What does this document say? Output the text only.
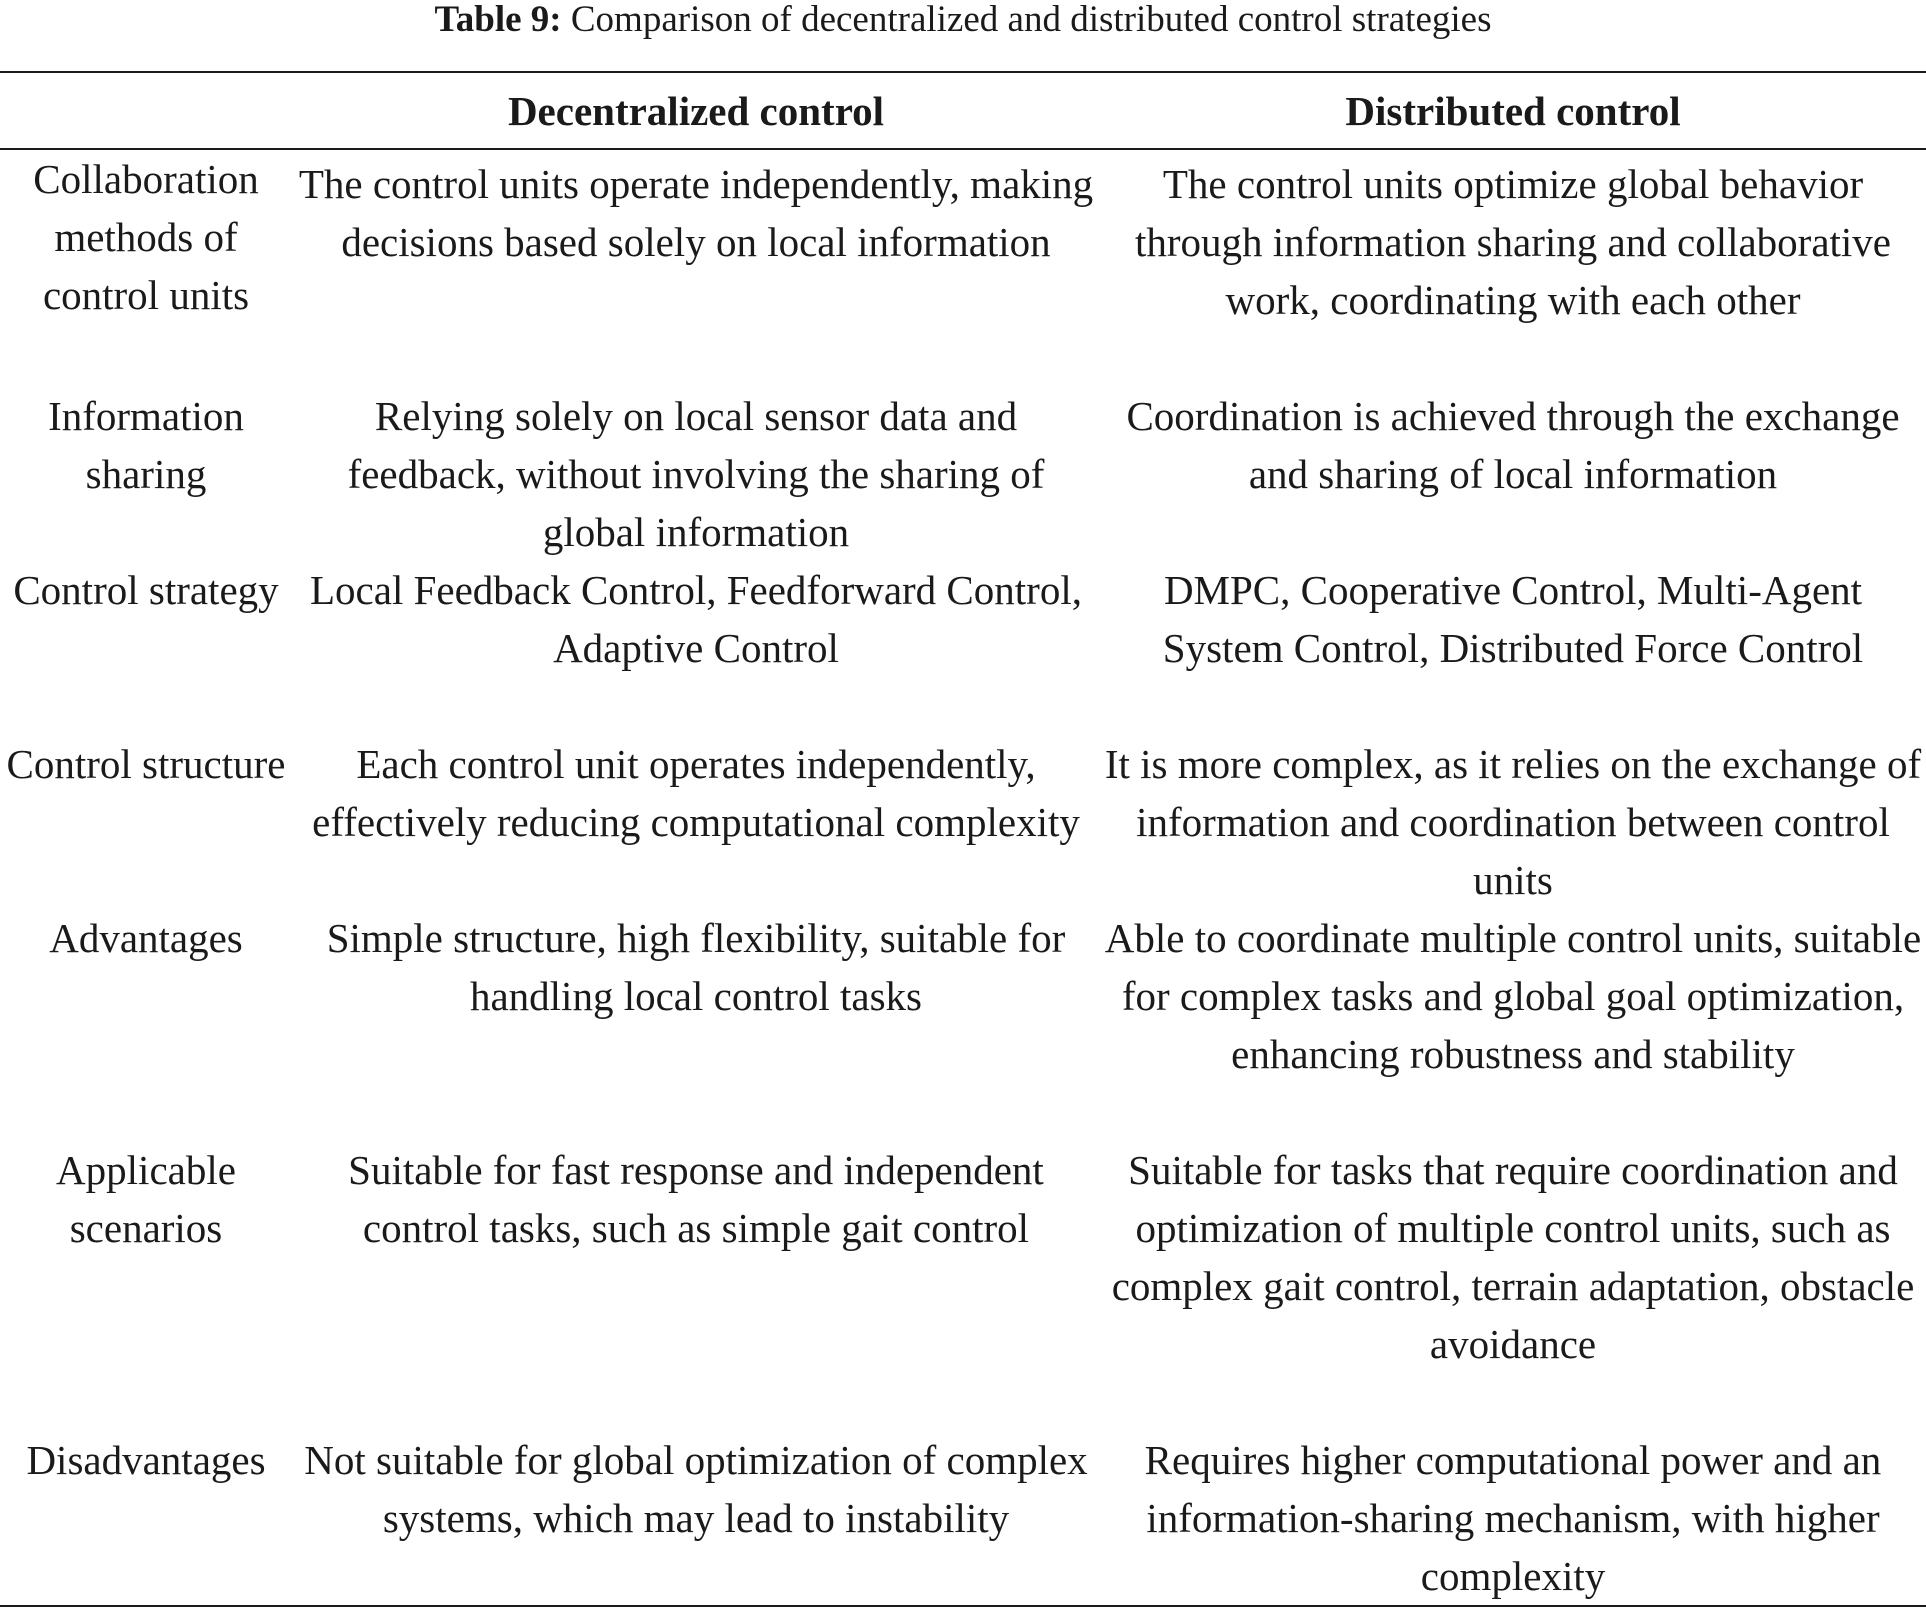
Table 9: Comparison of decentralized and distributed control strategies
	Decentralized control	Distributed control

Collaboration methods of control units	The control units operate independently, making decisions based solely on local information	The control units optimize global behavior through information sharing and collaborative work, coordinating with each other

Information sharing	Relying solely on local sensor data and feedback, without involving the sharing of global information	Coordination is achieved through the exchange and sharing of local information

Control strategy	Local Feedback Control, Feedforward Control, Adaptive Control	DMPC, Cooperative Control, Multi-Agent System Control, Distributed Force Control

Control structure	Each control unit operates independently, effectively reducing computational complexity	It is more complex, as it relies on the exchange of information and coordination between control units

Advantages	Simple structure, high flexibility, suitable for handling local control tasks	Able to coordinate multiple control units, suitable for complex tasks and global goal optimization, enhancing robustness and stability

Applicable scenarios	Suitable for fast response and independent control tasks, such as simple gait control	Suitable for tasks that require coordination and optimization of multiple control units, such as complex gait control, terrain adaptation, obstacle avoidance

Disadvantages	Not suitable for global optimization of complex systems, which may lead to instability	Requires higher computational power and an information-sharing mechanism, with higher complexity
